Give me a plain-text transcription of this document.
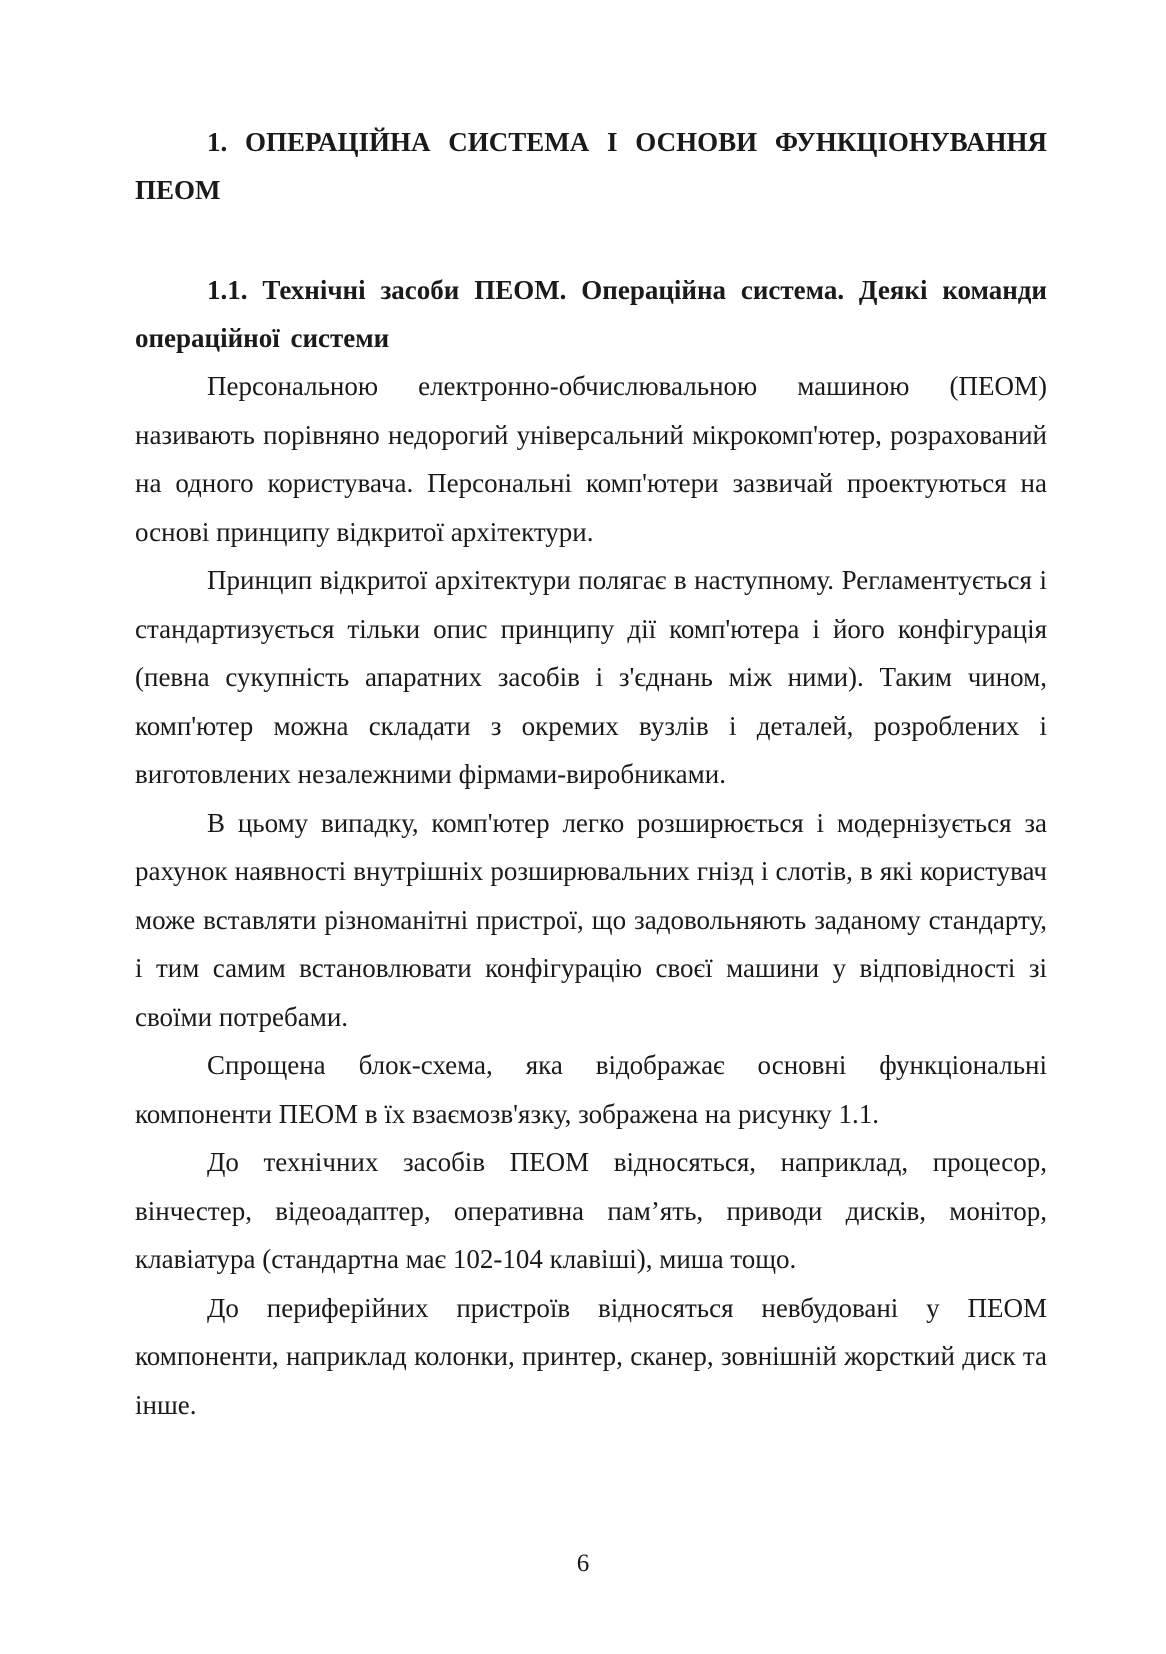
1. ОПЕРАЦІЙНА СИСТЕМА І ОСНОВИ ФУНКЦІОНУВАННЯ ПЕОМ
1.1. Технічні засоби ПЕОМ. Операційна система. Деякі команди операційної системи

Персональною електронно-обчислювальною машиною (ПЕОМ) називають порівняно недорогий універсальний мікрокомп'ютер, розрахований на одного користувача. Персональні комп'ютери зазвичай проектуються на основі принципу відкритої архітектури.

Принцип відкритої архітектури полягає в наступному. Регламентується і стандартизується тільки опис принципу дії комп'ютера і його конфігурація (певна сукупність апаратних засобів і з'єднань між ними). Таким чином, комп'ютер можна складати з окремих вузлів і деталей, розроблених і виготовлених незалежними фірмами-виробниками.

В цьому випадку, комп'ютер легко розширюється і модернізується за рахунок наявності внутрішніх розширювальних гнізд і слотів, в які користувач може вставляти різноманітні пристрої, що задовольняють заданому стандарту, і тим самим встановлювати конфігурацію своєї машини у відповідності зі своїми потребами.

Спрощена блок-схема, яка відображає основні функціональні компоненти ПЕОМ в їх взаємозв'язку, зображена на рисунку 1.1.

До технічних засобів ПЕОМ відносяться, наприклад, процесор, вінчестер, відеоадаптер, оперативна пам’ять, приводи дисків, монітор, клавіатура (стандартна має 102-104 клавіші), миша тощо.

До периферійних пристроїв відносяться невбудовані у ПЕОМ компоненти, наприклад колонки, принтер, сканер, зовнішній жорсткий диск та інше.

6
